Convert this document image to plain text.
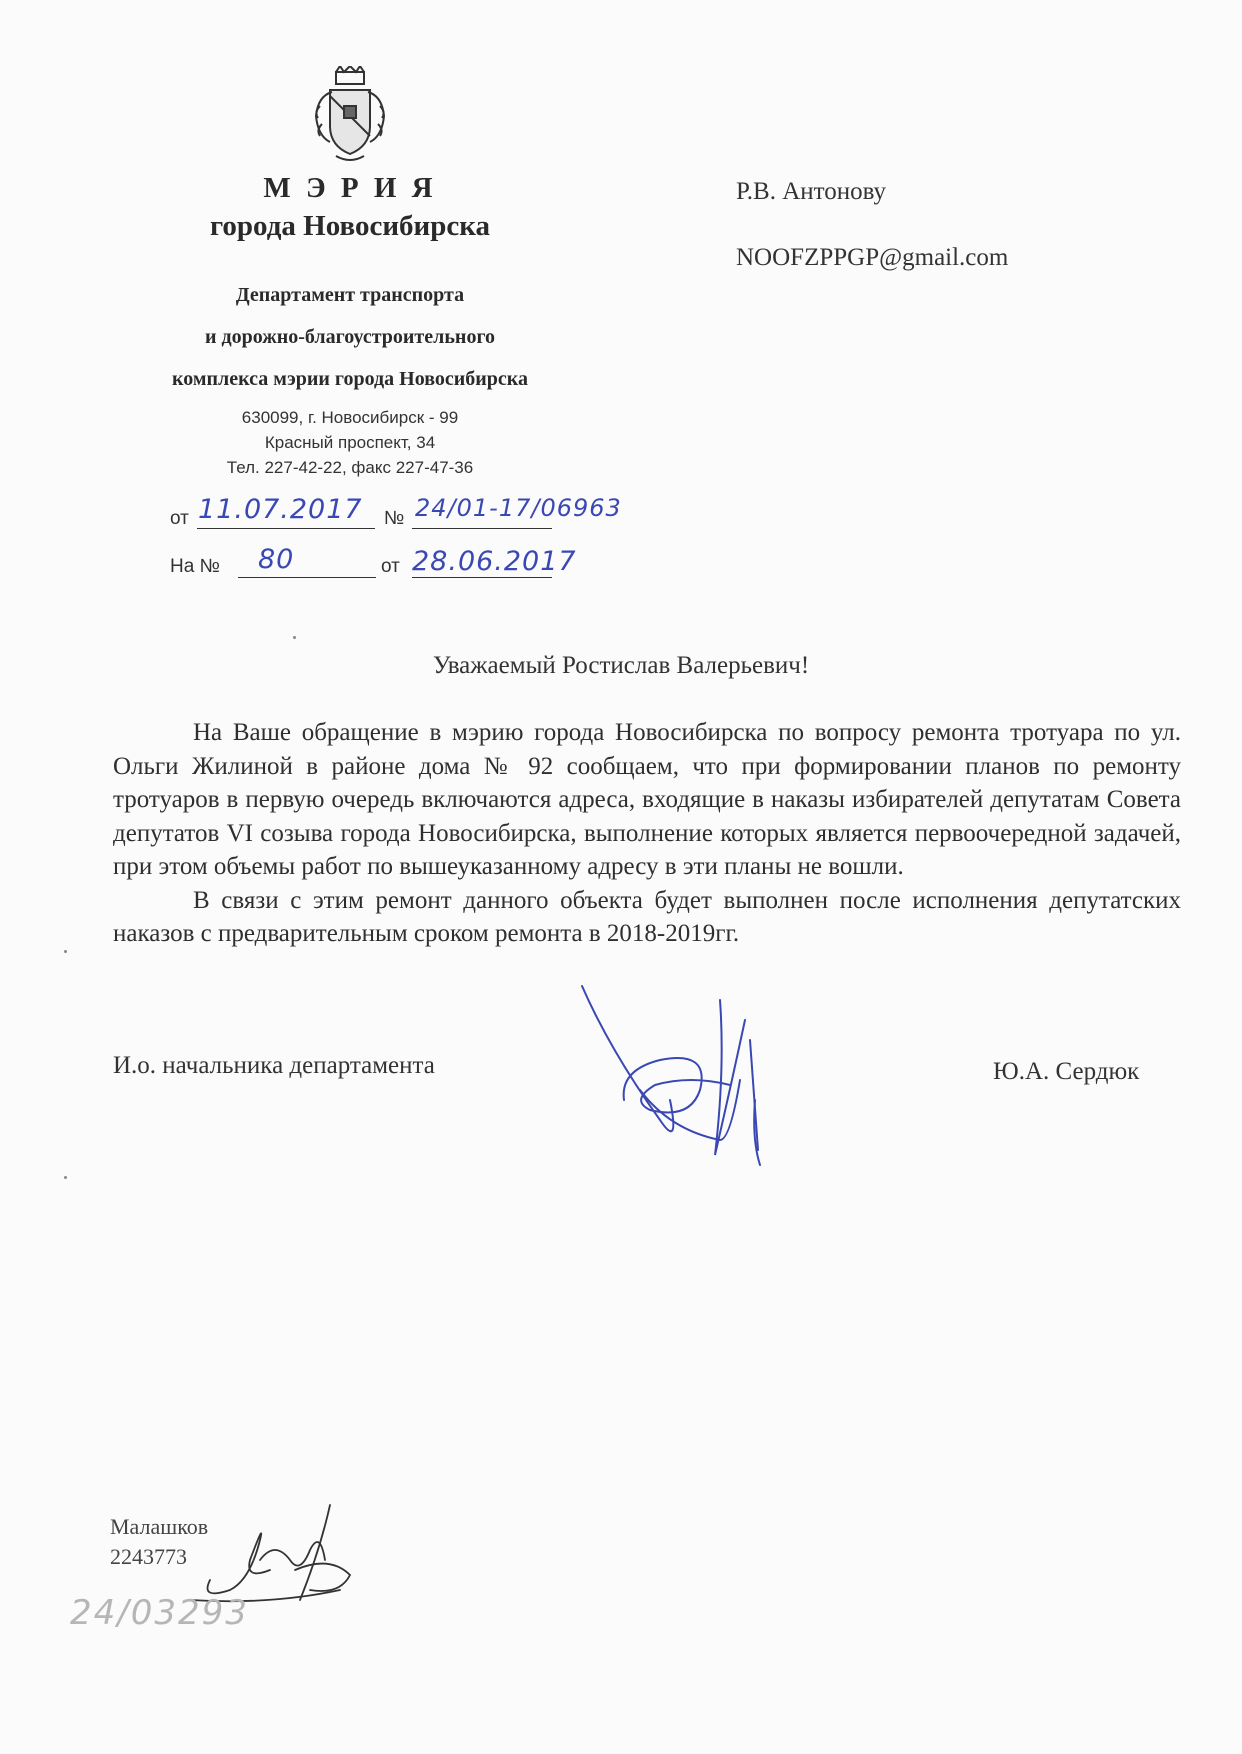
М Э Р И Я
города Новосибирска
Департамент транспорта
и дорожно-благоустроительного
комплекса мэрии города Новосибирска
630099, г. Новосибирск - 99
Красный проспект, 34
Тел. 227-42-22, факс 227-47-36
от 11.07.2017 № 24/01-17/06963
На № 80	от 28.06.2017
Р.В. Антонову
NOOFZPPGP@gmail.com
Уважаемый Ростислав Валерьевич!

На Ваше обращение в мэрию города Новосибирска по вопросу ремонта тротуара по ул. Ольги Жилиной в районе дома № 92 сообщаем, что при формировании планов по ремонту тротуаров в первую очередь включаются адреса, входящие в наказы избирателей депутатам Совета депутатов VI созыва города Новосибирска, выполнение которых является первоочередной задачей, при этом объемы работ по вышеуказанному адресу в эти планы не вошли.

В связи с этим ремонт данного объекта будет выполнен после исполнения депутатских наказов с предварительным сроком ремонта в 2018-2019гг.

И.о. начальника департамента	Ю.А. Сердюк
Малашков
2243773
24/03293
